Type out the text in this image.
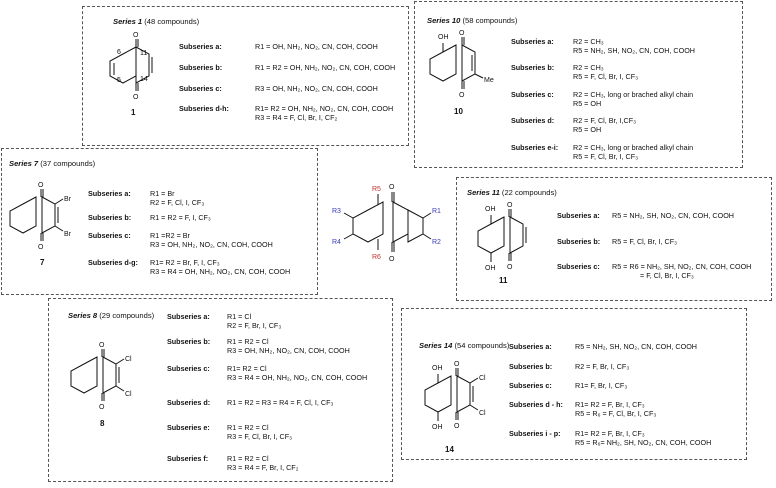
Series 1 (48 compounds)
O
O
6
5
11
14
1
Subseries a:	R1 = OH, NH₂, NO₂, CN, COH, COOH
Subseries b:	R1 = R2 = OH, NH₂, NO₂, CN, COH, COOH
Subseries c:	R3 = OH, NH₂, NO₂, CN, COH, COOH
Subseries d-h:	R1= R2 = OH, NH₂, NO₂, CN, COH, COOH
R3 = R4 = F, Cl, Br, I, CF₂
Series 10 (58 compounds)
OH
O
O
Me
10
Subseries a:	R2 = CH₃
R5 = NH₂, SH, NO₂, CN, COH, COOH
Subseries b:	R2 = CH₃
R5 = F, Cl, Br, I, CF₃
Subseries c:	R2 = CH₃, long or brached alkyl chain
R5 = OH
Subseries d:	R2 = F, Cl, Br, I,CF₃
R5 = OH
Subseries e-i: R2 = CH₃, long or brached alkyl chain
R5 = F, Cl, Br, I, CF₃
Series 7 (37 compounds)
O
O
Br
Br
7
Subseries a:	R1 = Br
R2 = F, Cl, I, CF₃
Subseries b:	R1 = R2 = F, I, CF₃
Subseries c:	R1 =R2 = Br
R3 = OH, NH₂, NO₂, CN, COH, COOH
Subseries d-g: R1= R2 = Br, F, I, CF₃
R3 = R4 = OH, NH₂, NO₂, CN, COH, COOH
O
O
R5
R6
R3
R4
R1
R2
Series 11 (22 compounds)
OH
OH
O
O
11
Subseries a: R5 = NH₂, SH, NO₂, CN, COH, COOH
Subseries b: R5 = F, Cl, Br, I, CF₃
Subseries c: R5 = R6 = NH₂, SH, NO₂, CN, COH, COOH
= F, Cl, Br, I, CF₃
Series 8 (29 compounds)
O
O
Cl
Cl
8
Subseries a: R1 = Cl
R2 = F, Br, I, CF₃
Subseries b: R1 = R2 = Cl
R3 = OH, NH₂, NO₂, CN, COH, COOH
Subseries c: R1= R2 = Cl
R3 = R4 = OH, NH₂, NO₂, CN, COH, COOH
Subseries d: R1 = R2 = R3 = R4 = F, Cl, I, CF₃
Subseries e: R1 = R2 = Cl
R3 = F, Cl, Br, I, CF₃
Subseries f:	R1 = R2 = Cl
R3 = R4 = F, Br, I, CF₂
Series 14 (54 compounds)
OH
OH
O
O
Cl
Cl
14
Subseries a:	R5 = NH₂, SH, NO₂, CN, COH, COOH
Subseries b:	R2 = F, Br, I, CF₃
Subseries c:	R1= F, Br, I, CF₃
Subseries d - h: R1= R2 = F, Br, I, CF₃
R5 = R₆ = F, Cl, Br, I, CF₃
Subseries i - p: R1= R2 = F, Br, I, CF₃
R5 = R₆= NH₂, SH, NO₂, CN, COH, COOH
